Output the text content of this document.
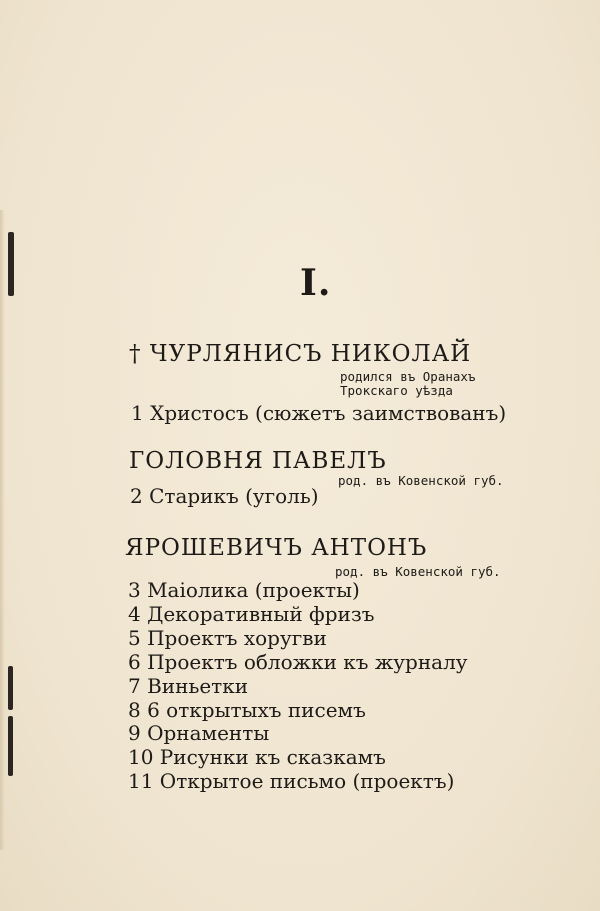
I.
† ЧУРЛЯНИСЪ НИКОЛАЙ
родился въ Оранахъ
Трокскаго уѣзда
1 Христосъ (сюжетъ заимствованъ)
ГОЛОВНЯ ПАВЕЛЪ
род. въ Ковенской губ.
2 Старикъ (уголь)
ЯРОШЕВИЧЪ АНТОНЪ
род. въ Ковенской губ.
3 Маіолика (проекты)
4 Декоративный фризъ
5 Проектъ хоругви
6 Проектъ обложки къ журналу
7 Виньетки
8 6 открытыхъ писемъ
9 Орнаменты
10 Рисунки къ сказкамъ
11 Открытое письмо (проектъ)
